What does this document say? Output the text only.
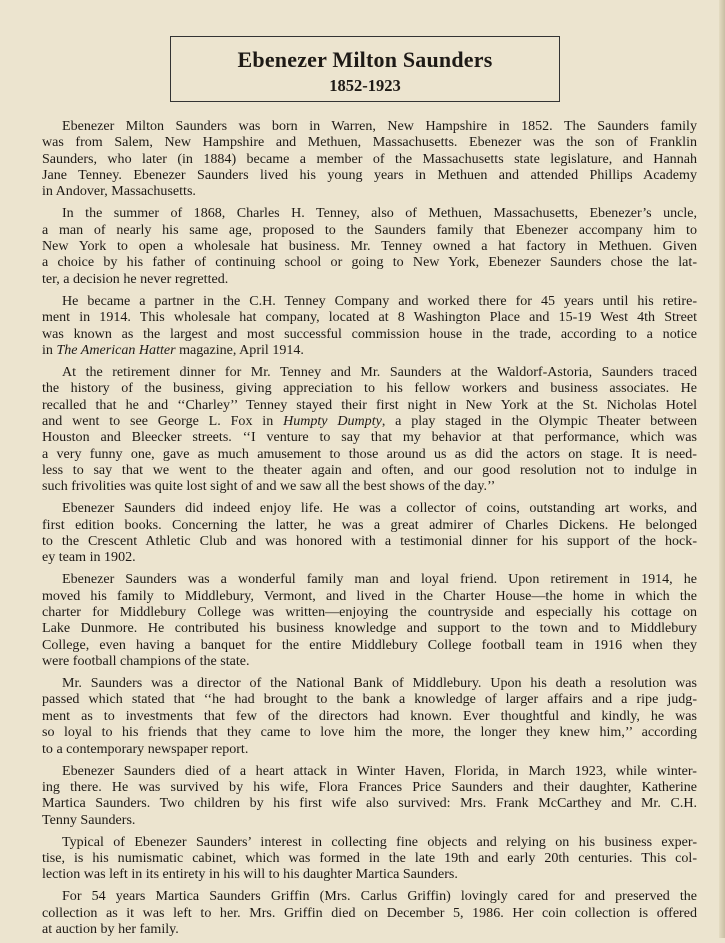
Ebenezer Milton Saunders
1852-1923
Ebenezer Milton Saunders was born in Warren, New Hampshire in 1852. The Saunders family
was from Salem, New Hampshire and Methuen, Massachusetts. Ebenezer was the son of Franklin
Saunders, who later (in 1884) became a member of the Massachusetts state legislature, and Hannah
Jane Tenney. Ebenezer Saunders lived his young years in Methuen and attended Phillips Academy
in Andover, Massachusetts.
In the summer of 1868, Charles H. Tenney, also of Methuen, Massachusetts, Ebenezer’s uncle,
a man of nearly his same age, proposed to the Saunders family that Ebenezer accompany him to
New York to open a wholesale hat business. Mr. Tenney owned a hat factory in Methuen. Given
a choice by his father of continuing school or going to New York, Ebenezer Saunders chose the lat-
ter, a decision he never regretted.
He became a partner in the C.H. Tenney Company and worked there for 45 years until his retire-
ment in 1914. This wholesale hat company, located at 8 Washington Place and 15-19 West 4th Street
was known as the largest and most successful commission house in the trade, according to a notice
in The American Hatter magazine, April 1914.
At the retirement dinner for Mr. Tenney and Mr. Saunders at the Waldorf-Astoria, Saunders traced
the history of the business, giving appreciation to his fellow workers and business associates. He
recalled that he and ‘‘Charley’’ Tenney stayed their first night in New York at the St. Nicholas Hotel
and went to see George L. Fox in Humpty Dumpty, a play staged in the Olympic Theater between
Houston and Bleecker streets. ‘‘I venture to say that my behavior at that performance, which was
a very funny one, gave as much amusement to those around us as did the actors on stage. It is need-
less to say that we went to the theater again and often, and our good resolution not to indulge in
such frivolities was quite lost sight of and we saw all the best shows of the day.’’
Ebenezer Saunders did indeed enjoy life. He was a collector of coins, outstanding art works, and
first edition books. Concerning the latter, he was a great admirer of Charles Dickens. He belonged
to the Crescent Athletic Club and was honored with a testimonial dinner for his support of the hock-
ey team in 1902.
Ebenezer Saunders was a wonderful family man and loyal friend. Upon retirement in 1914, he
moved his family to Middlebury, Vermont, and lived in the Charter House—the home in which the
charter for Middlebury College was written—enjoying the countryside and especially his cottage on
Lake Dunmore. He contributed his business knowledge and support to the town and to Middlebury
College, even having a banquet for the entire Middlebury College football team in 1916 when they
were football champions of the state.
Mr. Saunders was a director of the National Bank of Middlebury. Upon his death a resolution was
passed which stated that ‘‘he had brought to the bank a knowledge of larger affairs and a ripe judg-
ment as to investments that few of the directors had known. Ever thoughtful and kindly, he was
so loyal to his friends that they came to love him the more, the longer they knew him,’’ according
to a contemporary newspaper report.
Ebenezer Saunders died of a heart attack in Winter Haven, Florida, in March 1923, while winter-
ing there. He was survived by his wife, Flora Frances Price Saunders and their daughter, Katherine
Martica Saunders. Two children by his first wife also survived: Mrs. Frank McCarthey and Mr. C.H.
Tenny Saunders.
Typical of Ebenezer Saunders’ interest in collecting fine objects and relying on his business exper-
tise, is his numismatic cabinet, which was formed in the late 19th and early 20th centuries. This col-
lection was left in its entirety in his will to his daughter Martica Saunders.
For 54 years Martica Saunders Griffin (Mrs. Carlus Griffin) lovingly cared for and preserved the
collection as it was left to her. Mrs. Griffin died on December 5, 1986. Her coin collection is offered
at auction by her family.
